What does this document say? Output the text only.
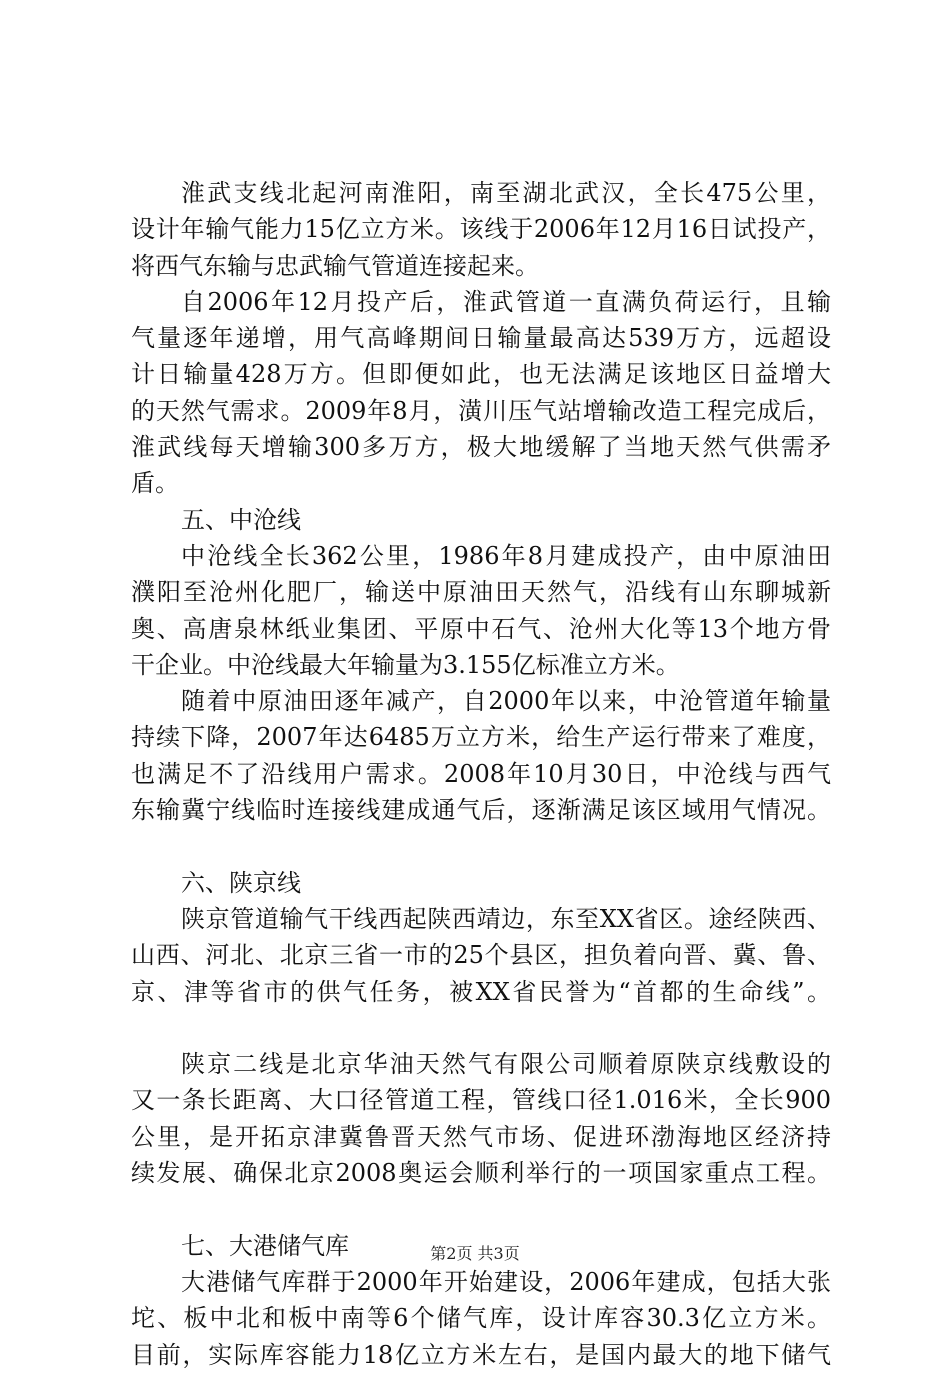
淮武支线北起河南淮阳，南至湖北武汉，全长475公里，
设计年输气能力15亿立方米。该线于2006年12月16日试投产，
将西气东输与忠武输气管道连接起来。
自2006年12月投产后，淮武管道一直满负荷运行，且输
气量逐年递增，用气高峰期间日输量最高达539万方，远超设
计日输量428万方。但即便如此，也无法满足该地区日益增大
的天然气需求。2009年8月，潢川压气站增输改造工程完成后，
淮武线每天增输300多万方，极大地缓解了当地天然气供需矛
盾。
五、中沧线
中沧线全长362公里，1986年8月建成投产，由中原油田
濮阳至沧州化肥厂，输送中原油田天然气，沿线有山东聊城新
奥、高唐泉林纸业集团、平原中石气、沧州大化等13个地方骨
干企业。中沧线最大年输量为3.155亿标准立方米。
随着中原油田逐年减产，自2000年以来，中沧管道年输量
持续下降，2007年达6485万立方米，给生产运行带来了难度，
也满足不了沿线用户需求。2008年10月30日，中沧线与西气
东输冀宁线临时连接线建成通气后，逐渐满足该区域用气情况。
六、陕京线
陕京管道输气干线西起陕西靖边，东至XX省区。途经陕西、
山西、河北、北京三省一市的25个县区，担负着向晋、冀、鲁、
京、津等省市的供气任务，被XX省民誉为“首都的生命线”。
陕京二线是北京华油天然气有限公司顺着原陕京线敷设的
又一条长距离、大口径管道工程，管线口径1.016米，全长900
公里，是开拓京津冀鲁晋天然气市场、促进环渤海地区经济持
续发展、确保北京2008奥运会顺利举行的一项国家重点工程。
七、大港储气库
大港储气库群于2000年开始建设，2006年建成，包括大张
坨、板中北和板中南等6个储气库，设计库容30.3亿立方米。
目前，实际库容能力18亿立方米左右，是国内最大的地下储气
第2页 共3页
